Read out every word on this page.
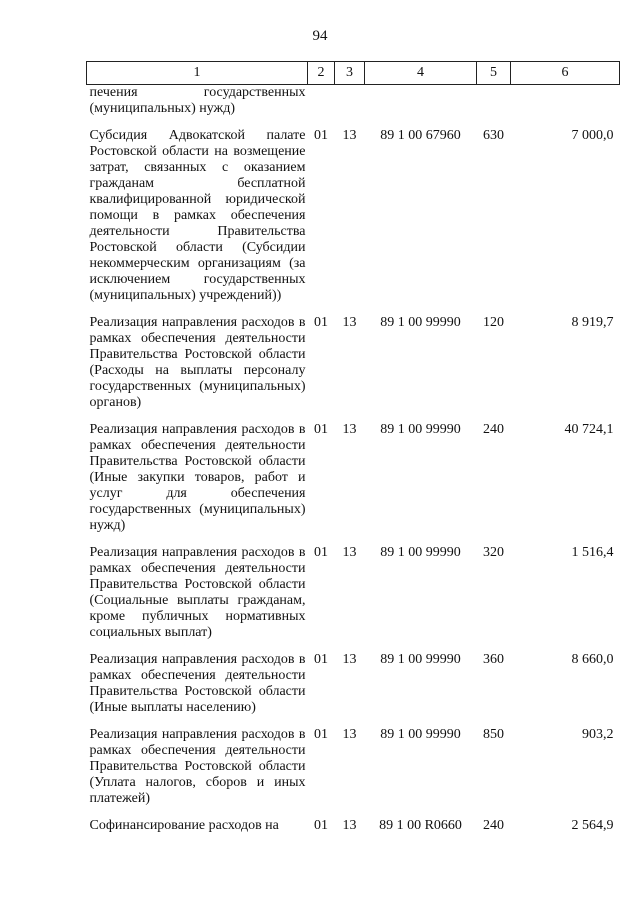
94
1	2	3	4	5	6
печения государственных (муниципальных) нужд)					
Субсидия Адвокатской палате Ростовской области на возмещение затрат, связанных с оказанием гражданам бесплатной квалифицированной юридической помощи в рамках обеспечения деятельности Правительства Ростовской области (Субсидии некоммерческим организациям (за исключением государственных (муниципальных) учреждений))	01	13	89 1 00 67960	630	7 000,0
Реализация направления расходов в рамках обеспечения деятельности Правительства Ростовской области (Расходы на выплаты персоналу государственных (муниципальных) органов)	01	13	89 1 00 99990	120	8 919,7
Реализация направления расходов в рамках обеспечения деятельности Правительства Ростовской области (Иные закупки товаров, работ и услуг для обеспечения государственных (муниципальных) нужд)	01	13	89 1 00 99990	240	40 724,1
Реализация направления расходов в рамках обеспечения деятельности Правительства Ростовской области (Социальные выплаты гражданам, кроме публичных нормативных социальных выплат)	01	13	89 1 00 99990	320	1 516,4
Реализация направления расходов в рамках обеспечения деятельности Правительства Ростовской области (Иные выплаты населению)	01	13	89 1 00 99990	360	8 660,0
Реализация направления расходов в рамках обеспечения деятельности Правительства Ростовской области (Уплата налогов, сборов и иных платежей)	01	13	89 1 00 99990	850	903,2
Софинансирование расходов на	01	13	89 1 00 R0660	240	2 564,9
